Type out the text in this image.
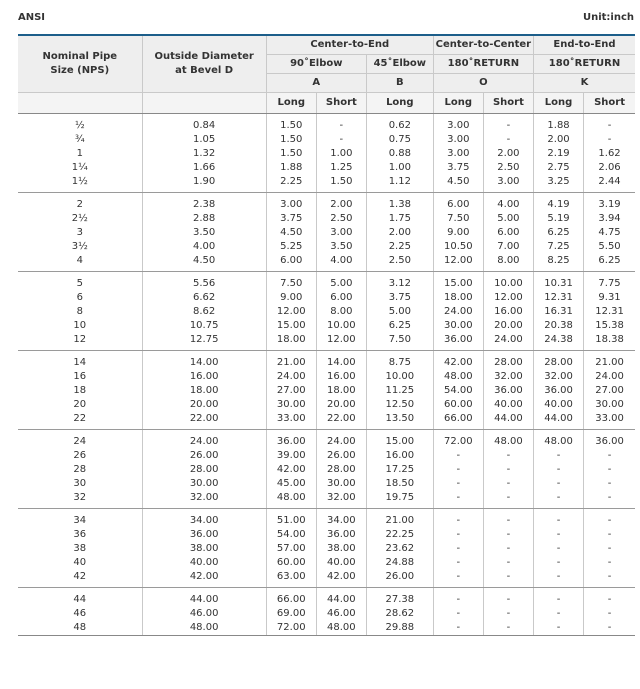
ANSI	Unit:inch
Nominal Pipe
Size (NPS)	Outside Diameter
at Bevel D	Center-to-End			Center-to-Center		End-to-End	
		90˚Elbow		45˚Elbow	180˚RETURN		180˚RETURN	
		A		B	O		K	
		Long	Short	Long	Long	Short	Long	Short
½	0.84	1.50	-	0.62	3.00	-	1.88	-
¾	1.05	1.50	-	0.75	3.00	-	2.00	-
1	1.32	1.50	1.00	0.88	3.00	2.00	2.19	1.62
1¼	1.66	1.88	1.25	1.00	3.75	2.50	2.75	2.06
1½	1.90	2.25	1.50	1.12	4.50	3.00	3.25	2.44
2	2.38	3.00	2.00	1.38	6.00	4.00	4.19	3.19
2½	2.88	3.75	2.50	1.75	7.50	5.00	5.19	3.94
3	3.50	4.50	3.00	2.00	9.00	6.00	6.25	4.75
3½	4.00	5.25	3.50	2.25	10.50	7.00	7.25	5.50
4	4.50	6.00	4.00	2.50	12.00	8.00	8.25	6.25
5	5.56	7.50	5.00	3.12	15.00	10.00	10.31	7.75
6	6.62	9.00	6.00	3.75	18.00	12.00	12.31	9.31
8	8.62	12.00	8.00	5.00	24.00	16.00	16.31	12.31
10	10.75	15.00	10.00	6.25	30.00	20.00	20.38	15.38
12	12.75	18.00	12.00	7.50	36.00	24.00	24.38	18.38
14	14.00	21.00	14.00	8.75	42.00	28.00	28.00	21.00
16	16.00	24.00	16.00	10.00	48.00	32.00	32.00	24.00
18	18.00	27.00	18.00	11.25	54.00	36.00	36.00	27.00
20	20.00	30.00	20.00	12.50	60.00	40.00	40.00	30.00
22	22.00	33.00	22.00	13.50	66.00	44.00	44.00	33.00
24	24.00	36.00	24.00	15.00	72.00	48.00	48.00	36.00
26	26.00	39.00	26.00	16.00	-	-	-	-
28	28.00	42.00	28.00	17.25	-	-	-	-
30	30.00	45.00	30.00	18.50	-	-	-	-
32	32.00	48.00	32.00	19.75	-	-	-	-
34	34.00	51.00	34.00	21.00	-	-	-	-
36	36.00	54.00	36.00	22.25	-	-	-	-
38	38.00	57.00	38.00	23.62	-	-	-	-
40	40.00	60.00	40.00	24.88	-	-	-	-
42	42.00	63.00	42.00	26.00	-	-	-	-
44	44.00	66.00	44.00	27.38	-	-	-	-
46	46.00	69.00	46.00	28.62	-	-	-	-
48	48.00	72.00	48.00	29.88	-	-	-	-
